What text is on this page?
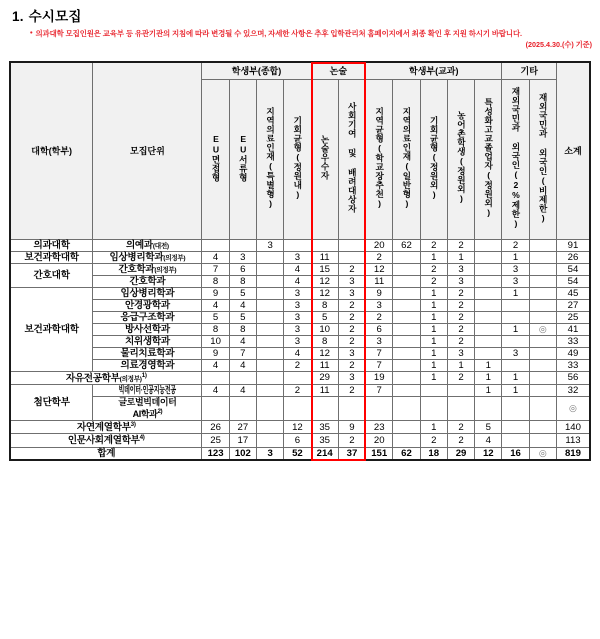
1. 수시모집
• 의과대학 모집인원은 교육부 등 유관기관의 지침에 따라 변경될 수 있으며, 자세한 사항은 추후 입학관리처 홈페이지에서 최종 확인 후 지원 하시기 바랍니다.
(2025.4.30.(수) 기준)
대학(학부)	모집단위	학생부(종합)				논술		학생부(교과)					기타		소계
		EU면접형	EU서류형	지역의료인재(특별형)	기회균형(정원내)	논술우수자	사회기여 및 배려대상자	지역균형(학교장추천)	지역의료인재(일반형)	기회균형(정원외)	농어촌학생(정원외)	특성화고교졸업자(정원외)	재외국민과 외국인(2%제한)	재외국민과 외국인(비제한)	
의과대학	의예과(대전)			3				20	62	2	2		2		91
보건과학대학	임상병리학과(의정부)	4	3		3	11		2		1	1		1		26
간호대학	간호학과(의정부)	7	6		4	15	2	12		2	3		3		54
	간호학과	8	8		4	12	3	11		2	3		3		54
보건과학대학	임상병리학과	9	5		3	12	3	9		1	2		1		45
	안경광학과	4	4		3	8	2	3		1	2				27
	응급구조학과	5	5		3	5	2	2		1	2				25
	방사선학과	8	8		3	10	2	6		1	2		1	◎	41
	치위생학과	10	4		3	8	2	3		1	2				33
	물리치료학과	9	7		4	12	3	7		1	3		3		49
	의료경영학과	4	4		2	11	2	7		1	1	1			33
자유전공학부(의정부)$^{1)}$						29	3	19		1	2	1	1		56
첨단학부	빅데이터·인공지능전공	4	4		2	11	2	7				1	1		32
	글로벌빅데이터
AI학과$^{2)}$														◎
자연계열학부$^{3)}$		26	27		12	35	9	23		1	2	5			140
인문사회계열학부$^{4)}$		25	17		6	35	2	20		2	2	4			113
합계		123	102	3	52	214	37	151	62	18	29	12	16	◎	819
